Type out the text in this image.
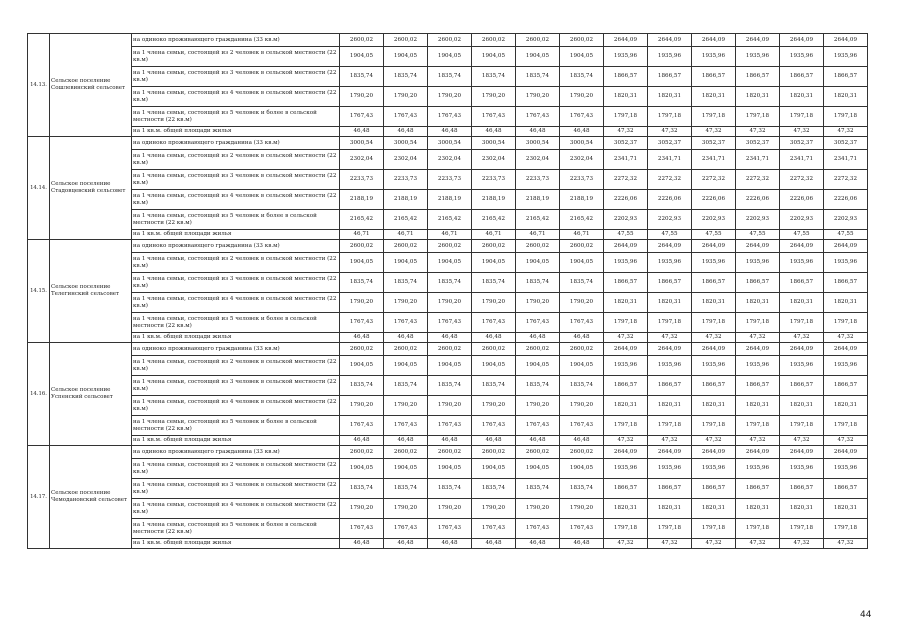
14.13.	Сельское поселение Сошлевинский сельсовет	на одиноко проживающего гражданина (33 кв.м)	2600,02	2600,02	2600,02	2600,02	2600,02	2600,02	2644,09	2644,09	2644,09	2644,09	2644,09	2644,09
		на 1 члена семьи, состоящей из 2 человек в сельской местности (22 кв.м)	1904,05	1904,05	1904,05	1904,05	1904,05	1904,05	1935,96	1935,96	1935,96	1935,96	1935,96	1935,96
		на 1 члена семьи, состоящей из 3 человек в сельской местности (22 кв.м)	1835,74	1835,74	1835,74	1835,74	1835,74	1835,74	1866,57	1866,57	1866,57	1866,57	1866,57	1866,57
		на 1 члена семьи, состоящей из 4 человек в сельской местности (22 кв.м)	1790,20	1790,20	1790,20	1790,20	1790,20	1790,20	1820,31	1820,31	1820,31	1820,31	1820,31	1820,31
		на 1 члена семьи, состоящей из 5 человек и более в сельской местности (22 кв.м)	1767,43	1767,43	1767,43	1767,43	1767,43	1767,43	1797,18	1797,18	1797,18	1797,18	1797,18	1797,18
		на 1 кв.м. общей площади жилья	46,48	46,48	46,48	46,48	46,48	46,48	47,32	47,32	47,32	47,32	47,32	47,32
14.14.	Сельское поселение Стадовцевский сельсовет	на одиноко проживающего гражданина (33 кв.м)	3000,54	3000,54	3000,54	3000,54	3000,54	3000,54	3052,37	3052,37	3052,37	3052,37	3052,37	3052,37
		на 1 члена семьи, состоящей из 2 человек в сельской местности (22 кв.м)	2302,04	2302,04	2302,04	2302,04	2302,04	2302,04	2341,71	2341,71	2341,71	2341,71	2341,71	2341,71
		на 1 члена семьи, состоящей из 3 человек в сельской местности (22 кв.м)	2233,73	2233,73	2233,73	2233,73	2233,73	2233,73	2272,32	2272,32	2272,32	2272,32	2272,32	2272,32
		на 1 члена семьи, состоящей из 4 человек в сельской местности (22 кв.м)	2188,19	2188,19	2188,19	2188,19	2188,19	2188,19	2226,06	2226,06	2226,06	2226,06	2226,06	2226,06
		на 1 члена семьи, состоящей из 5 человек и более в сельской местности (22 кв.м)	2165,42	2165,42	2165,42	2165,42	2165,42	2165,42	2202,93	2202,93	2202,93	2202,93	2202,93	2202,93
		на 1 кв.м. общей площади жилья	46,71	46,71	46,71	46,71	46,71	46,71	47,55	47,55	47,55	47,55	47,55	47,55
14.15.	Сельское поселение Телегинский сельсовет	на одиноко проживающего гражданина (33 кв.м)	2600,02	2600,02	2600,02	2600,02	2600,02	2600,02	2644,09	2644,09	2644,09	2644,09	2644,09	2644,09
		на 1 члена семьи, состоящей из 2 человек в сельской местности (22 кв.м)	1904,05	1904,05	1904,05	1904,05	1904,05	1904,05	1935,96	1935,96	1935,96	1935,96	1935,96	1935,96
		на 1 члена семьи, состоящей из 3 человек в сельской местности (22 кв.м)	1835,74	1835,74	1835,74	1835,74	1835,74	1835,74	1866,57	1866,57	1866,57	1866,57	1866,57	1866,57
		на 1 члена семьи, состоящей из 4 человек в сельской местности (22 кв.м)	1790,20	1790,20	1790,20	1790,20	1790,20	1790,20	1820,31	1820,31	1820,31	1820,31	1820,31	1820,31
		на 1 члена семьи, состоящей из 5 человек и более в сельской местности (22 кв.м)	1767,43	1767,43	1767,43	1767,43	1767,43	1767,43	1797,18	1797,18	1797,18	1797,18	1797,18	1797,18
		на 1 кв.м. общей площади жилья	46,48	46,48	46,48	46,48	46,48	46,48	47,32	47,32	47,32	47,32	47,32	47,32
14.16.	Сельское поселение Успенский сельсовет	на одиноко проживающего гражданина (33 кв.м)	2600,02	2600,02	2600,02	2600,02	2600,02	2600,02	2644,09	2644,09	2644,09	2644,09	2644,09	2644,09
		на 1 члена семьи, состоящей из 2 человек в сельской местности (22 кв.м)	1904,05	1904,05	1904,05	1904,05	1904,05	1904,05	1935,96	1935,96	1935,96	1935,96	1935,96	1935,96
		на 1 члена семьи, состоящей из 3 человек в сельской местности (22 кв.м)	1835,74	1835,74	1835,74	1835,74	1835,74	1835,74	1866,57	1866,57	1866,57	1866,57	1866,57	1866,57
		на 1 члена семьи, состоящей из 4 человек в сельской местности (22 кв.м)	1790,20	1790,20	1790,20	1790,20	1790,20	1790,20	1820,31	1820,31	1820,31	1820,31	1820,31	1820,31
		на 1 члена семьи, состоящей из 5 человек и более в сельской местности (22 кв.м)	1767,43	1767,43	1767,43	1767,43	1767,43	1767,43	1797,18	1797,18	1797,18	1797,18	1797,18	1797,18
		на 1 кв.м. общей площади жилья	46,48	46,48	46,48	46,48	46,48	46,48	47,32	47,32	47,32	47,32	47,32	47,32
14.17.	Сельское поселение Чемодановский сельсовет	на одиноко проживающего гражданина (33 кв.м)	2600,02	2600,02	2600,02	2600,02	2600,02	2600,02	2644,09	2644,09	2644,09	2644,09	2644,09	2644,09
		на 1 члена семьи, состоящей из 2 человек в сельской местности (22 кв.м)	1904,05	1904,05	1904,05	1904,05	1904,05	1904,05	1935,96	1935,96	1935,96	1935,96	1935,96	1935,96
		на 1 члена семьи, состоящей из 3 человек в сельской местности (22 кв.м)	1835,74	1835,74	1835,74	1835,74	1835,74	1835,74	1866,57	1866,57	1866,57	1866,57	1866,57	1866,57
		на 1 члена семьи, состоящей из 4 человек в сельской местности (22 кв.м)	1790,20	1790,20	1790,20	1790,20	1790,20	1790,20	1820,31	1820,31	1820,31	1820,31	1820,31	1820,31
		на 1 члена семьи, состоящей из 5 человек и более в сельской местности (22 кв.м)	1767,43	1767,43	1767,43	1767,43	1767,43	1767,43	1797,18	1797,18	1797,18	1797,18	1797,18	1797,18
		на 1 кв.м. общей площади жилья	46,48	46,48	46,48	46,48	46,48	46,48	47,32	47,32	47,32	47,32	47,32	47,32
44
